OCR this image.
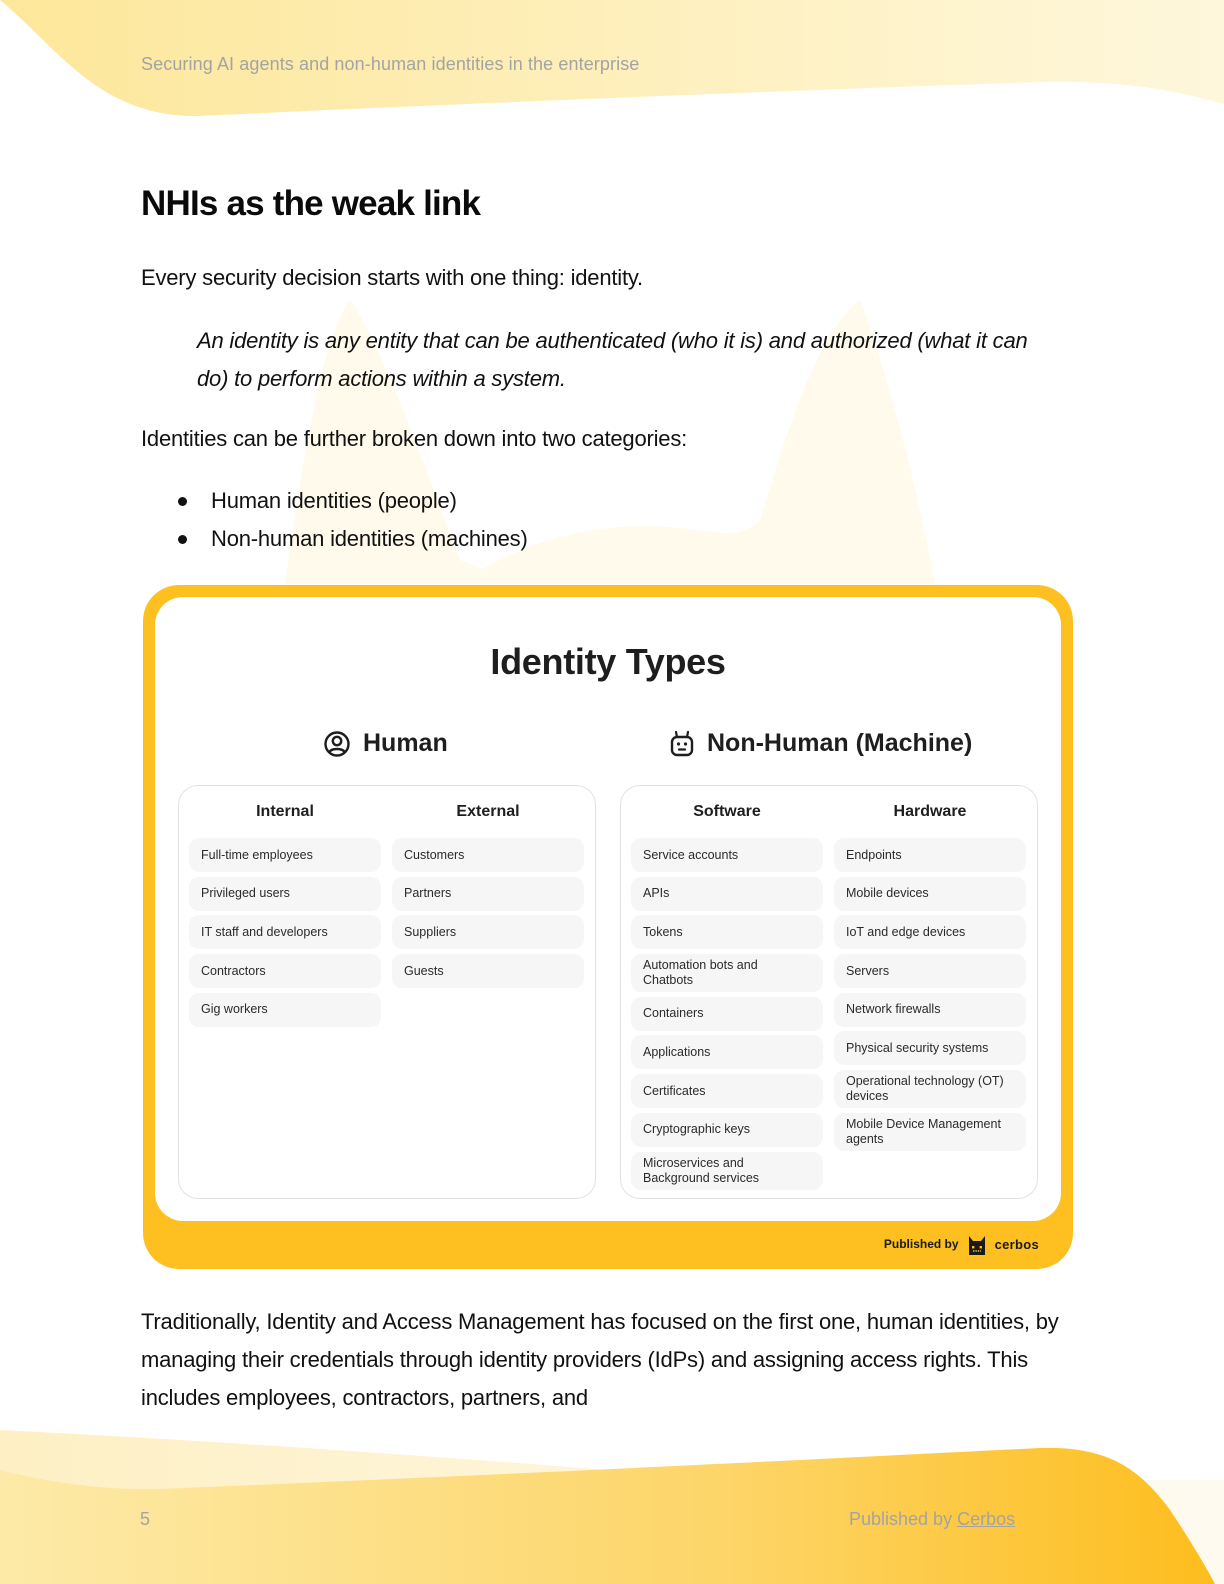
Securing AI agents and non-human identities in the enterprise
NHIs as the weak link

Every security decision starts with one thing: identity.

An identity is any entity that can be authenticated (who it is) and authorized (what it can do) to perform actions within a system.

Identities can be further broken down into two categories:

Human identities (people)
Non-human identities (machines)
Identity Types
Human	Non-Human (Machine)
Internal
Full-time employees
Privileged users
IT staff and developers
Contractors
Gig workers
External
Customers
Partners
Suppliers
Guests
Software
Service accounts
APIs
Tokens
Automation bots and Chatbots
Containers
Applications
Certificates
Cryptographic keys
Microservices and Background services
Hardware
Endpoints
Mobile devices
IoT and edge devices
Servers
Network firewalls
Physical security systems
Operational technology (OT) devices
Mobile Device Management agents
Published by	cerbos

Traditionally, Identity and Access Management has focused on the first one, human identities, by managing their credentials through identity providers (IdPs) and assigning access rights. This includes employees, contractors, partners, and

5	Published by Cerbos
